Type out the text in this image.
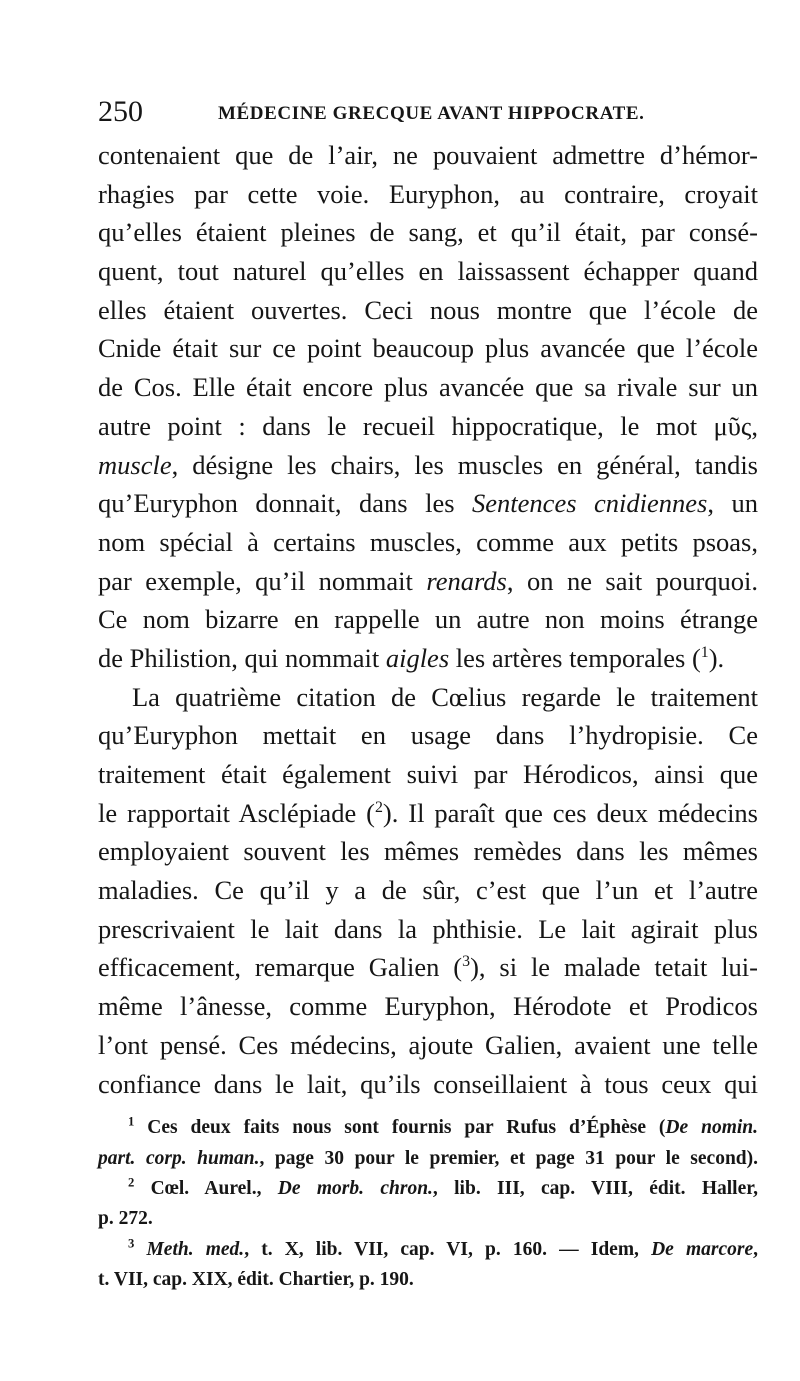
250	MÉDECINE GRECQUE AVANT HIPPOCRATE.
contenaient que de l’air, ne pouvaient admettre d’hémor-
rhagies par cette voie. Euryphon, au contraire, croyait
qu’elles étaient pleines de sang, et qu’il était, par consé-
quent, tout naturel qu’elles en laissassent échapper quand
elles étaient ouvertes. Ceci nous montre que l’école de
Cnide était sur ce point beaucoup plus avancée que l’école
de Cos. Elle était encore plus avancée que sa rivale sur un
autre point : dans le recueil hippocratique, le mot μῦς,
muscle, désigne les chairs, les muscles en général, tandis
qu’Euryphon donnait, dans les Sentences cnidiennes, un
nom spécial à certains muscles, comme aux petits psoas,
par exemple, qu’il nommait renards, on ne sait pourquoi.
Ce nom bizarre en rappelle un autre non moins étrange
de Philistion, qui nommait aigles les artères temporales ($^1$).
La quatrième citation de Cœlius regarde le traitement
qu’Euryphon mettait en usage dans l’hydropisie. Ce
traitement était également suivi par Hérodicos, ainsi que
le rapportait Asclépiade ($^2$). Il paraît que ces deux médecins
employaient souvent les mêmes remèdes dans les mêmes
maladies. Ce qu’il y a de sûr, c’est que l’un et l’autre
prescrivaient le lait dans la phthisie. Le lait agirait plus
efficacement, remarque Galien ($^3$), si le malade tetait lui-
même l’ânesse, comme Euryphon, Hérodote et Prodicos
l’ont pensé. Ces médecins, ajoute Galien, avaient une telle
confiance dans le lait, qu’ils conseillaient à tous ceux qui
$^1$ Ces deux faits nous sont fournis par Rufus d’Éphèse (De nomin.
part. corp. human., page 30 pour le premier, et page 31 pour le second).
$^2$ Cœl. Aurel., De morb. chron., lib. III, cap. VIII, édit. Haller,
p. 272.
$^3$ Meth. med., t. X, lib. VII, cap. VI, p. 160. — Idem, De marcore,
t. VII, cap. XIX, édit. Chartier, p. 190.
